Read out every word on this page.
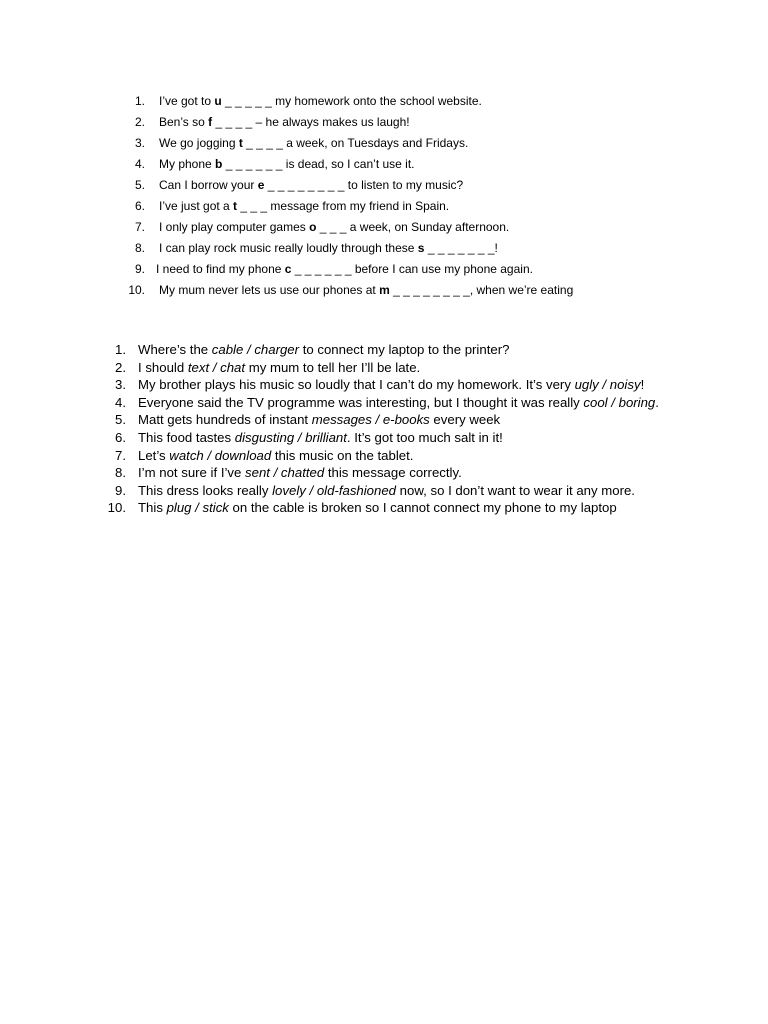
1. I’ve got to u _ _ _ _ _ my homework onto the school website.
2. Ben’s so f _ _ _ _ – he always makes us laugh!
3. We go jogging t _ _ _ _ a week, on Tuesdays and Fridays.
4. My phone b _ _ _ _ _ _ is dead, so I can’t use it.
5. Can I borrow your e _ _ _ _ _ _ _ _ to listen to my music?
6. I’ve just got a t _ _ _ message from my friend in Spain.
7. I only play computer games o _ _ _ a week, on Sunday afternoon.
8. I can play rock music really loudly through these s _ _ _ _ _ _ _!
9. I need to find my phone c _ _ _ _ _ _ before I can use my phone again.
10. My mum never lets us use our phones at m _ _ _ _ _ _ _ _, when we’re eating
1. Where’s the cable / charger to connect my laptop to the printer?
2. I should text / chat my mum to tell her I’ll be late.
3. My brother plays his music so loudly that I can’t do my homework. It’s very ugly / noisy!
4. Everyone said the TV programme was interesting, but I thought it was really cool / boring.
5. Matt gets hundreds of instant messages / e-books every week
6. This food tastes disgusting / brilliant. It’s got too much salt in it!
7. Let’s watch / download this music on the tablet.
8. I’m not sure if I’ve sent / chatted this message correctly.
9. This dress looks really lovely / old-fashioned now, so I don’t want to wear it any more.
10. This plug / stick on the cable is broken so I cannot connect my phone to my laptop
